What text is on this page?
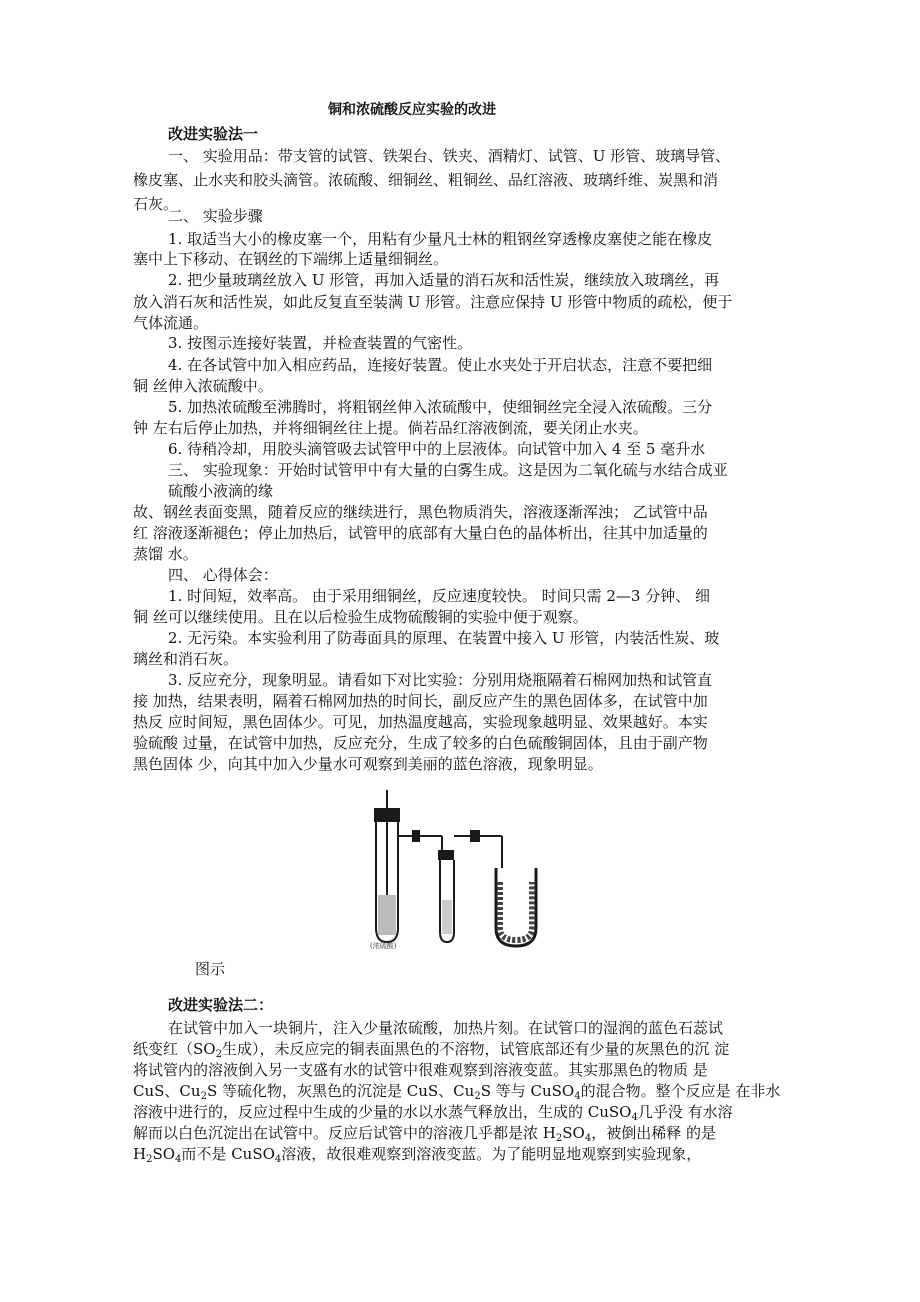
铜和浓硫酸反应实验的改进
改进实验法一
一、 实验用品：带支管的试管、铁架台、铁夹、酒精灯、试管、U 形管、玻璃导管、
橡皮塞、止水夹和胶头滴管。浓硫酸、细铜丝、粗铜丝、品红溶液、玻璃纤维、炭黑和消
石灰。
二、 实验步骤
1. 取适当大小的橡皮塞一个，用粘有少量凡士林的粗钢丝穿透橡皮塞使之能在橡皮
塞中上下移动、在钢丝的下端绑上适量细铜丝。
2. 把少量玻璃丝放入 U 形管，再加入适量的消石灰和活性炭，继续放入玻璃丝，再
放入消石灰和活性炭，如此反复直至装满 U 形管。注意应保持 U 形管中物质的疏松，便于
气体流通。
3. 按图示连接好装置，并检查装置的气密性。
4. 在各试管中加入相应药品，连接好装置。使止水夹处于开启状态，注意不要把细
铜 丝伸入浓硫酸中。
5. 加热浓硫酸至沸腾时，将粗钢丝伸入浓硫酸中，使细铜丝完全浸入浓硫酸。三分
钟 左右后停止加热，并将细铜丝往上提。倘若品红溶液倒流，要关闭止水夹。
6. 待稍冷却，用胶头滴管吸去试管甲中的上层液体。向试管中加入 4 至 5 毫升水
三、 实验现象：开始时试管甲中有大量的白雾生成。这是因为二氧化硫与水结合成亚
硫酸小液滴的缘
故、钢丝表面变黑，随着反应的继续进行，黑色物质消失，溶液逐渐浑浊； 乙试管中品
红 溶液逐渐褪色；停止加热后，试管甲的底部有大量白色的晶体析出，往其中加适量的
蒸馏 水。
四、 心得体会：
1. 时间短，效率高。 由于采用细铜丝，反应速度较快。 时间只需 2—3 分钟、 细
铜 丝可以继续使用。且在以后检验生成物硫酸铜的实验中便于观察。
2. 无污染。本实验利用了防毒面具的原理、在装置中接入 U 形管，内装活性炭、玻
璃丝和消石灰。
3. 反应充分，现象明显。请看如下对比实验：分别用烧瓶隔着石棉网加热和试管直
接 加热，结果表明，隔着石棉网加热的时间长，副反应产生的黑色固体多，在试管中加
热反 应时间短，黑色固体少。可见，加热温度越高，实验现象越明显、效果越好。本实
验硫酸 过量，在试管中加热，反应充分，生成了较多的白色硫酸铜固体，且由于副产物
黑色固体 少，向其中加入少量水可观察到美丽的蓝色溶液，现象明显。
(浓硫酸)
图示
改进实验法二：
在试管中加入一块铜片，注入少量浓硫酸，加热片刻。在试管口的湿润的蓝色石蕊试
纸变红（$SO_2$生成），未反应完的铜表面黑色的不溶物，试管底部还有少量的灰黑色的沉 淀
将试管内的溶液倒入另一支盛有水的试管中很难观察到溶液变蓝。其实那黑色的物质 是
CuS、$Cu_2S$ 等硫化物，灰黑色的沉淀是 CuS、$Cu_2S$ 等与 CuSO$_4$的混合物。整个反应是 在非水
溶液中进行的，反应过程中生成的少量的水以水蒸气释放出，生成的 CuSO$_4$几乎没 有水溶
解而以白色沉淀出在试管中。反应后试管中的溶液几乎都是浓 $H_2SO_4$，被倒出稀释 的是
$H_2SO_4$而不是 CuSO$_4$溶液，故很难观察到溶液变蓝。为了能明显地观察到实验现象，
